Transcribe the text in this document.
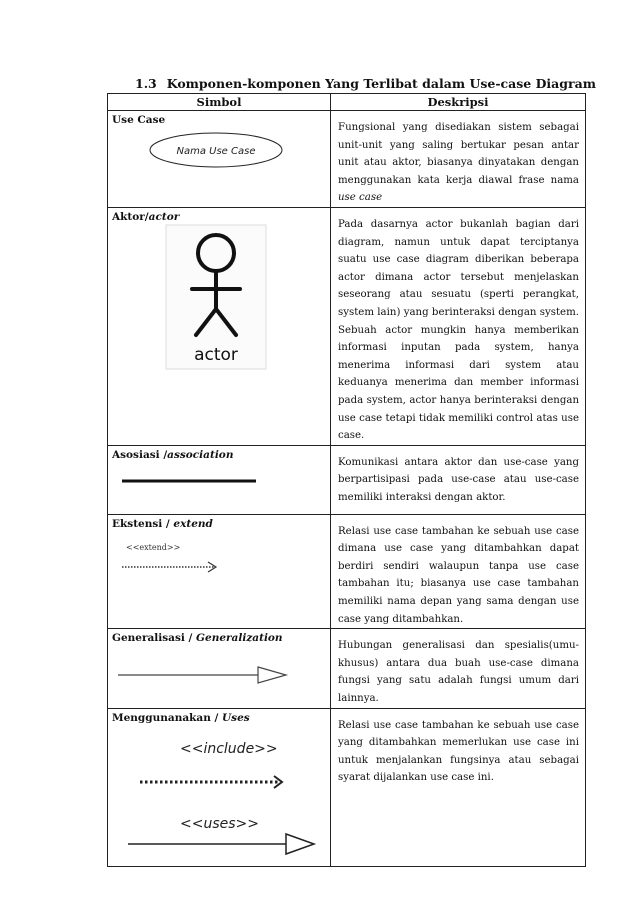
1.3 Komponen-komponen Yang Terlibat dalam Use-case Diagram
Simbol	Deskripsi

Use Case
Nama Use Case	Fungsional yang disediakan sistem sebagai unit-unit yang saling bertukar pesan antar unit atau aktor, biasanya dinyatakan dengan menggunakan kata kerja diawal frase nama use case

Aktor/actor
actor	Pada dasarnya actor bukanlah bagian dari diagram, namun untuk dapat terciptanya suatu use case diagram diberikan beberapa actor dimana actor tersebut menjelaskan seseorang atau sesuatu (sperti perangkat, system lain) yang berinteraksi dengan system. Sebuah actor mungkin hanya memberikan informasi inputan pada system, hanya menerima informasi dari system atau keduanya menerima dan member informasi pada system, actor hanya berinteraksi dengan use case tetapi tidak memiliki control atas use case.

Asosiasi /association	Komunikasi antara aktor dan use-case yang berpartisipasi pada use-case atau use-case memiliki interaksi dengan aktor.

Ekstensi / extend
<<extend>>	Relasi use case tambahan ke sebuah use case dimana use case yang ditambahkan dapat berdiri sendiri walaupun tanpa use case tambahan itu; biasanya use case tambahan memiliki nama depan yang sama dengan use case yang ditambahkan.

Generalisasi / Generalization	Hubungan generalisasi dan spesialis(umu-khusus) antara dua buah use-case dimana fungsi yang satu adalah fungsi umum dari lainnya.

Menggunanakan / Uses
<<include>>
<<uses>>	Relasi use case tambahan ke sebuah use case yang ditambahkan memerlukan use case ini untuk menjalankan fungsinya atau sebagai syarat dijalankan use case ini.
